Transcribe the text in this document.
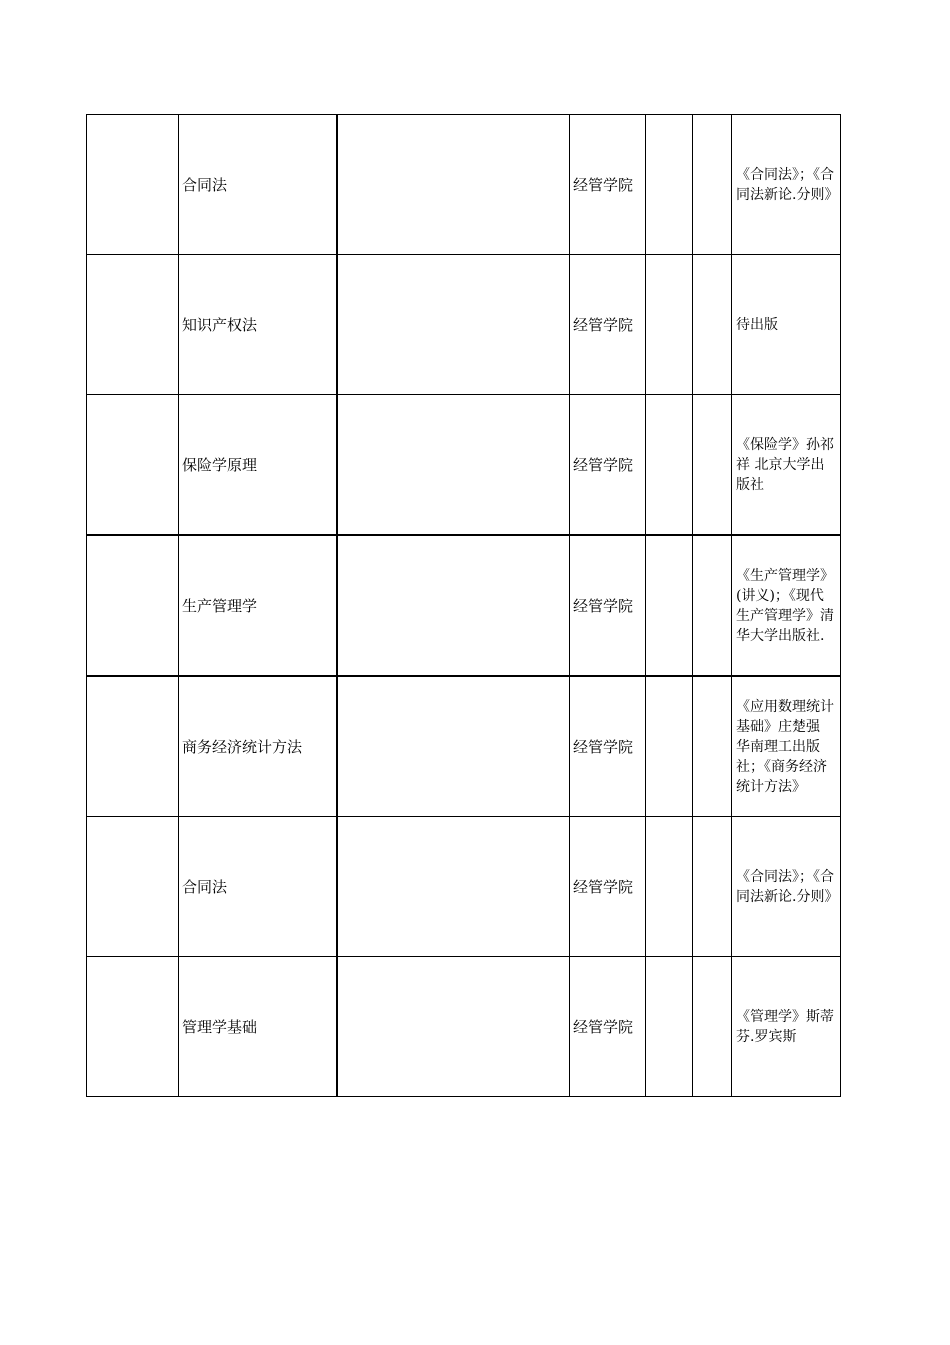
	合同法		经管学院			《合同法》；《合同法新论.分则》
	知识产权法		经管学院			待出版
	保险学原理		经管学院			《保险学》孙祁祥 北京大学出版社
	生产管理学		经管学院			《生产管理学》(讲义)；《现代生产管理学》清华大学出版社.
	商务经济统计方法		经管学院			《应用数理统计基础》庄楚强　华南理工出版社；《商务经济统计方法》
	合同法		经管学院			《合同法》；《合同法新论.分则》
	管理学基础		经管学院			《管理学》斯蒂芬.罗宾斯
